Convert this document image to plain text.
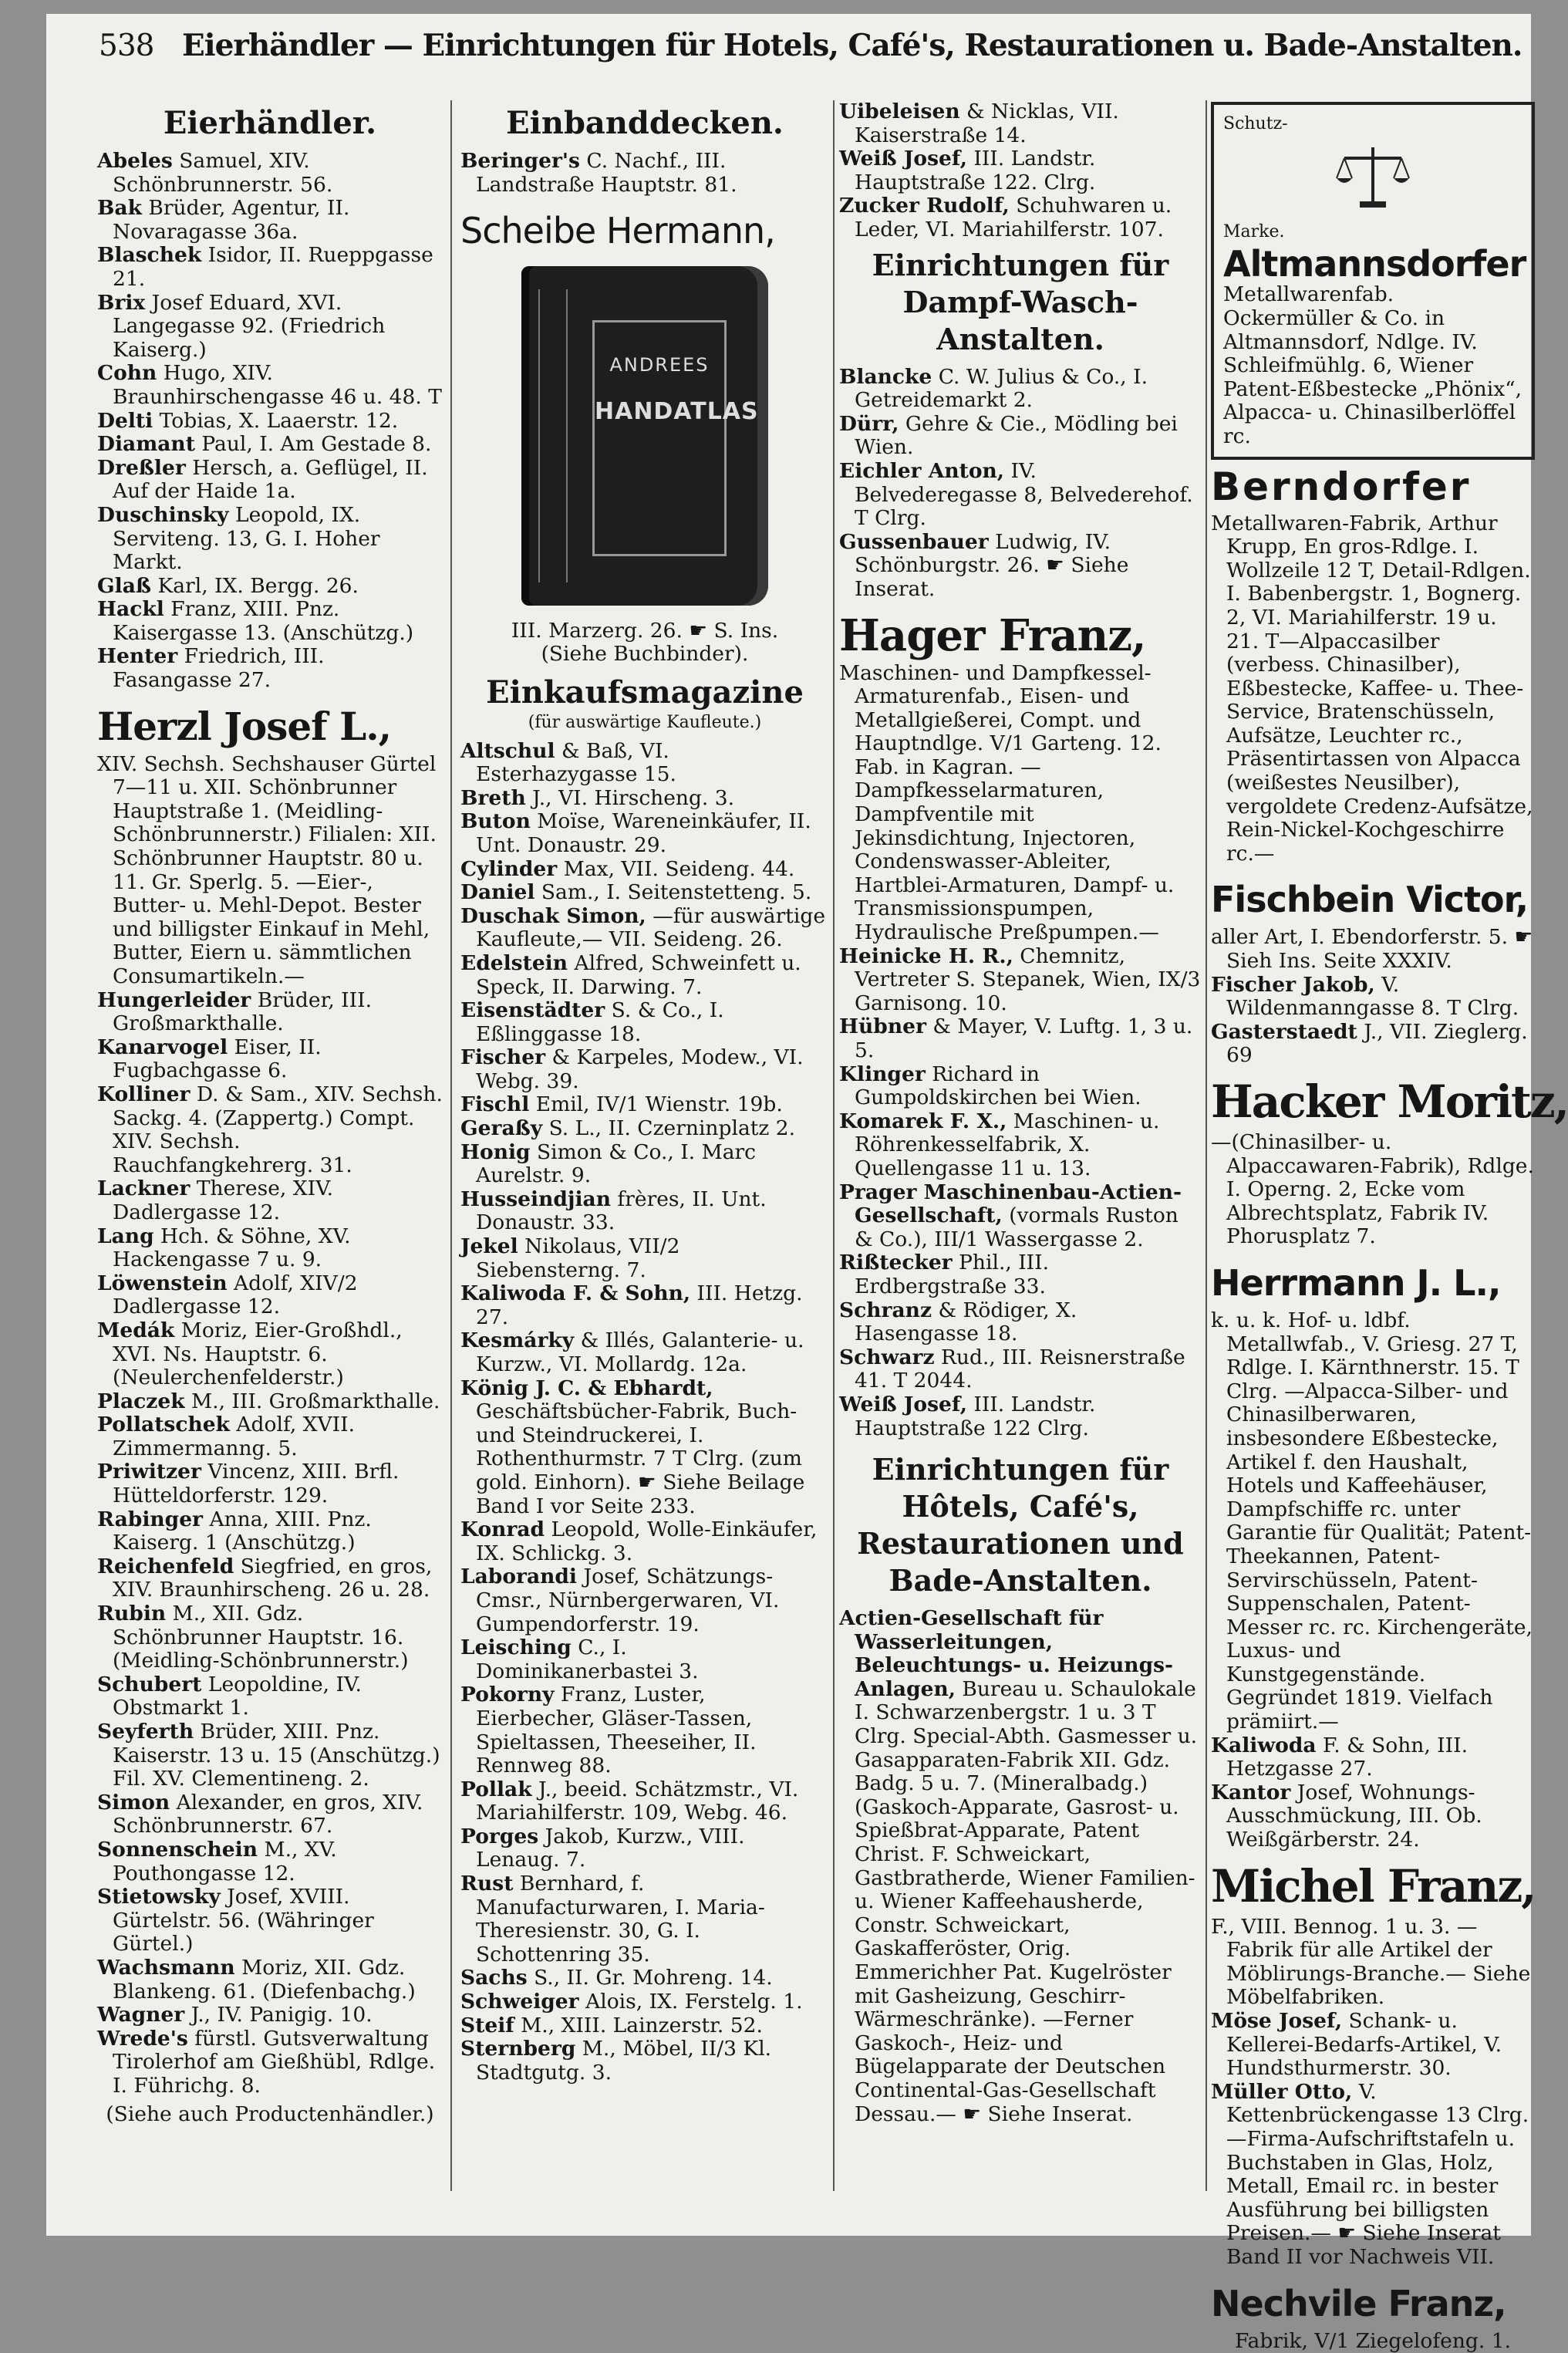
538 Eierhändler — Einrichtungen für Hotels, Café's, Restaurationen u. Bade-Anstalten.
Eierhändler.
Abeles Samuel, XIV. Schönbrunnerstr. 56.
Bak Brüder, Agentur, II. Novaragasse 36a.
Blaschek Isidor, II. Rueppgasse 21.
Brix Josef Eduard, XVI. Langegasse 92. (Friedrich Kaiserg.)
Cohn Hugo, XIV. Braunhirschengasse 46 u. 48. T
Delti Tobias, X. Laaerstr. 12.
Diamant Paul, I. Am Gestade 8.
Dreßler Hersch, a. Geflügel, II. Auf der Haide 1a.
Duschinsky Leopold, IX. Serviteng. 13, G. I. Hoher Markt.
Glaß Karl, IX. Bergg. 26.
Hackl Franz, XIII. Pnz. Kaisergasse 13. (Anschützg.)
Henter Friedrich, III. Fasangasse 27.
Herzl Josef L.,
XIV. Sechsh. Sechshauser Gürtel 7—11 u. XII. Schönbrunner Hauptstraße 1. (Meidling-Schönbrunnerstr.) Filialen: XII. Schönbrunner Hauptstr. 80 u. 11. Gr. Sperlg. 5. —Eier-, Butter- u. Mehl-Depot. Bester und billigster Einkauf in Mehl, Butter, Eiern u. sämmtlichen Consumartikeln.—
Hungerleider Brüder, III. Großmarkthalle.
Kanarvogel Eiser, II. Fugbachgasse 6.
Kolliner D. & Sam., XIV. Sechsh. Sackg. 4. (Zappertg.) Compt. XIV. Sechsh. Rauchfangkehrerg. 31.
Lackner Therese, XIV. Dadlergasse 12.
Lang Hch. & Söhne, XV. Hackengasse 7 u. 9.
Löwenstein Adolf, XIV/2 Dadlergasse 12.
Medák Moriz, Eier-Großhdl., XVI. Ns. Hauptstr. 6. (Neulerchenfelderstr.)
Placzek M., III. Großmarkthalle.
Pollatschek Adolf, XVII. Zimmermanng. 5.
Priwitzer Vincenz, XIII. Brfl. Hütteldorferstr. 129.
Rabinger Anna, XIII. Pnz. Kaiserg. 1 (Anschützg.)
Reichenfeld Siegfried, en gros, XIV. Braunhirscheng. 26 u. 28.
Rubin M., XII. Gdz. Schönbrunner Hauptstr. 16. (Meidling-Schönbrunnerstr.)
Schubert Leopoldine, IV. Obstmarkt 1.
Seyferth Brüder, XIII. Pnz. Kaiserstr. 13 u. 15 (Anschützg.) Fil. XV. Clementineng. 2.
Simon Alexander, en gros, XIV. Schönbrunnerstr. 67.
Sonnenschein M., XV. Pouthongasse 12.
Stietowsky Josef, XVIII. Gürtelstr. 56. (Währinger Gürtel.)
Wachsmann Moriz, XII. Gdz. Blankeng. 61. (Diefenbachg.)
Wagner J., IV. Panigig. 10.
Wrede's fürstl. Gutsverwaltung Tirolerhof am Gießhübl, Rdlge. I. Führichg. 8.
(Siehe auch Productenhändler.)
Einbanddecken.
Beringer's C. Nachf., III. Landstraße Hauptstr. 81.
Scheibe Hermann,
ANDREES
HANDATLAS
III. Marzerg. 26. ☛ S. Ins.
(Siehe Buchbinder).
Einkaufsmagazine
(für auswärtige Kaufleute.)
Altschul & Baß, VI. Esterhazygasse 15.
Breth J., VI. Hirscheng. 3.
Buton Moïse, Wareneinkäufer, II. Unt. Donaustr. 29.
Cylinder Max, VII. Seideng. 44.
Daniel Sam., I. Seitenstetteng. 5.
Duschak Simon, —für auswärtige Kaufleute,— VII. Seideng. 26.
Edelstein Alfred, Schweinfett u. Speck, II. Darwing. 7.
Eisenstädter S. & Co., I. Eßlinggasse 18.
Fischer & Karpeles, Modew., VI. Webg. 39.
Fischl Emil, IV/1 Wienstr. 19b.
Geraßy S. L., II. Czerninplatz 2.
Honig Simon & Co., I. Marc Aurelstr. 9.
Husseindjian frères, II. Unt. Donaustr. 33.
Jekel Nikolaus, VII/2 Siebensterng. 7.
Kaliwoda F. & Sohn, III. Hetzg. 27.
Kesmárky & Illés, Galanterie- u. Kurzw., VI. Mollardg. 12a.
König J. C. & Ebhardt, Geschäftsbücher-Fabrik, Buch- und Steindruckerei, I. Rothenthurmstr. 7 T Clrg. (zum gold. Einhorn). ☛ Siehe Beilage Band I vor Seite 233.
Konrad Leopold, Wolle-Einkäufer, IX. Schlickg. 3.
Laborandi Josef, Schätzungs-Cmsr., Nürnbergerwaren, VI. Gumpendorferstr. 19.
Leisching C., I. Dominikanerbastei 3.
Pokorny Franz, Luster, Eierbecher, Gläser-Tassen, Spieltassen, Theeseiher, II. Rennweg 88.
Pollak J., beeid. Schätzmstr., VI. Mariahilferstr. 109, Webg. 46.
Porges Jakob, Kurzw., VIII. Lenaug. 7.
Rust Bernhard, f. Manufacturwaren, I. Maria-Theresienstr. 30, G. I. Schottenring 35.
Sachs S., II. Gr. Mohreng. 14.
Schweiger Alois, IX. Ferstelg. 1.
Steif M., XIII. Lainzerstr. 52.
Sternberg M., Möbel, II/3 Kl. Stadtgutg. 3.
Uibeleisen & Nicklas, VII. Kaiserstraße 14.
Weiß Josef, III. Landstr. Hauptstraße 122. Clrg.
Zucker Rudolf, Schuhwaren u. Leder, VI. Mariahilferstr. 107.
Einrichtungen für Dampf-Wasch-Anstalten.
Blancke C. W. Julius & Co., I. Getreidemarkt 2.
Dürr, Gehre & Cie., Mödling bei Wien.
Eichler Anton, IV. Belvederegasse 8, Belvederehof. T Clrg.
Gussenbauer Ludwig, IV. Schönburgstr. 26. ☛ Siehe Inserat.
Hager Franz,
Maschinen- und Dampfkessel-Armaturenfab., Eisen- und Metallgießerei, Compt. und Hauptndlge. V/1 Garteng. 12. Fab. in Kagran. —Dampfkesselarmaturen, Dampfventile mit Jekinsdichtung, Injectoren, Condenswasser-Ableiter, Hartblei-Armaturen, Dampf- u. Transmissionspumpen, Hydraulische Preßpumpen.—
Heinicke H. R., Chemnitz, Vertreter S. Stepanek, Wien, IX/3 Garnisong. 10.
Hübner & Mayer, V. Luftg. 1, 3 u. 5.
Klinger Richard in Gumpoldskirchen bei Wien.
Komarek F. X., Maschinen- u. Röhrenkesselfabrik, X. Quellengasse 11 u. 13.
Prager Maschinenbau-Actien-Gesellschaft, (vormals Ruston & Co.), III/1 Wassergasse 2.
Rißtecker Phil., III. Erdbergstraße 33.
Schranz & Rödiger, X. Hasengasse 18.
Schwarz Rud., III. Reisnerstraße 41. T 2044.
Weiß Josef, III. Landstr. Hauptstraße 122 Clrg.
Einrichtungen für Hôtels, Café's, Restaurationen und Bade-Anstalten.
Actien-Gesellschaft für Wasserleitungen, Beleuchtungs- u. Heizungs-Anlagen, Bureau u. Schaulokale I. Schwarzenbergstr. 1 u. 3 T Clrg. Special-Abth. Gasmesser u. Gasapparaten-Fabrik XII. Gdz. Badg. 5 u. 7. (Mineralbadg.) (Gaskoch-Apparate, Gasrost- u. Spießbrat-Apparate, Patent Christ. F. Schweickart, Gastbratherde, Wiener Familien- u. Wiener Kaffeehausherde, Constr. Schweickart, Gaskafferöster, Orig. Emmerichher Pat. Kugelröster mit Gasheizung, Geschirr-Wärmeschränke). —Ferner Gaskoch-, Heiz- und Bügelapparate der Deutschen Continental-Gas-Gesellschaft Dessau.— ☛ Siehe Inserat.
Schutz-
Marke.
Altmannsdorfer
Metallwarenfab. Ockermüller & Co. in Altmannsdorf, Ndlge. IV. Schleifmühlg. 6, Wiener Patent-Eßbestecke „Phönix“, Alpacca- u. Chinasilberlöffel rc.
Berndorfer
Metallwaren-Fabrik, Arthur Krupp, En gros-Rdlge. I. Wollzeile 12 T, Detail-Rdlgen. I. Babenbergstr. 1, Bognerg. 2, VI. Mariahilferstr. 19 u. 21. T—Alpaccasilber (verbess. Chinasilber), Eßbestecke, Kaffee- u. Thee-Service, Bratenschüsseln, Aufsätze, Leuchter rc., Präsentirtassen von Alpacca (weißestes Neusilber), vergoldete Credenz-Aufsätze, Rein-Nickel-Kochgeschirre rc.—
Fischbein Victor,
aller Art, I. Ebendorferstr. 5. ☛ Sieh Ins. Seite XXXIV.
Fischer Jakob, V. Wildenmanngasse 8. T Clrg.
Gasterstaedt J., VII. Zieglerg. 69
Hacker Moritz,
—(Chinasilber- u. Alpaccawaren-Fabrik), Rdlge. I. Operng. 2, Ecke vom Albrechtsplatz, Fabrik IV. Phorusplatz 7.
Herrmann J. L.,
k. u. k. Hof- u. ldbf. Metallwfab., V. Griesg. 27 T, Rdlge. I. Kärnthnerstr. 15. T Clrg. —Alpacca-Silber- und Chinasilberwaren, insbesondere Eßbestecke, Artikel f. den Haushalt, Hotels und Kaffeehäuser, Dampfschiffe rc. unter Garantie für Qualität; Patent-Theekannen, Patent-Servirschüsseln, Patent-Suppenschalen, Patent-Messer rc. rc. Kirchengeräte, Luxus- und Kunstgegenstände. Gegründet 1819. Vielfach prämiirt.—
Kaliwoda F. & Sohn, III. Hetzgasse 27.
Kantor Josef, Wohnungs-Ausschmückung, III. Ob. Weißgärberstr. 24.
Michel Franz,
F., VIII. Bennog. 1 u. 3. —Fabrik für alle Artikel der Möblirungs-Branche.— Siehe Möbelfabriken.
Möse Josef, Schank- u. Kellerei-Bedarfs-Artikel, V. Hundsthurmerstr. 30.
Müller Otto, V. Kettenbrückengasse 13 Clrg. —Firma-Aufschriftstafeln u. Buchstaben in Glas, Holz, Metall, Email rc. in bester Ausführung bei billigsten Preisen.— ☛ Siehe Inserat Band II vor Nachweis VII.
Nechvile Franz,
Fabrik, V/1 Ziegelofeng. 1.
